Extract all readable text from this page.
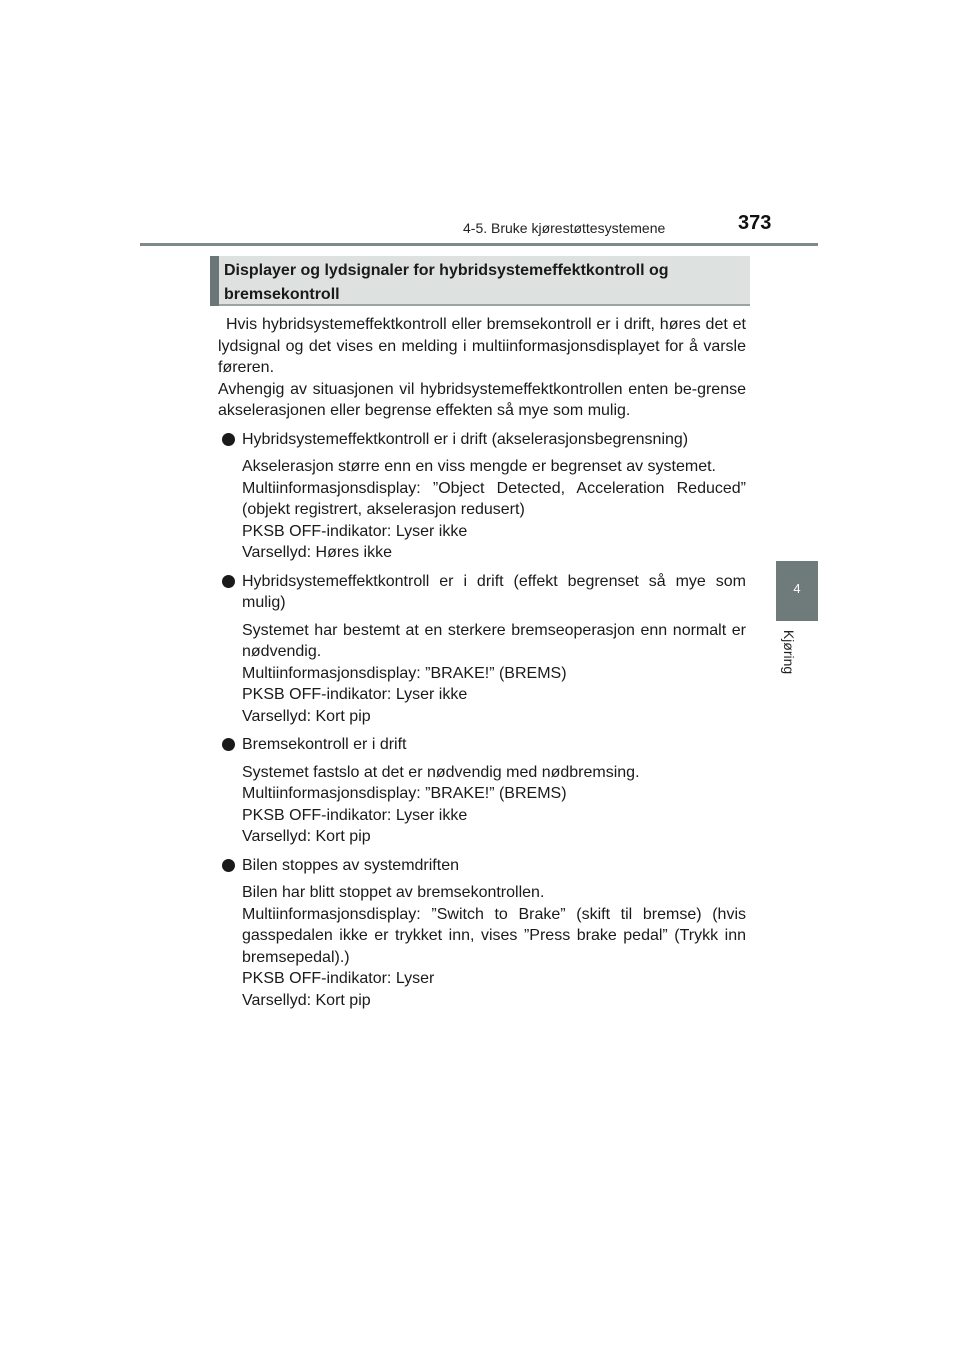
4-5. Bruke kjørestøttesystemene	373
4
Kjøring
Displayer og lydsignaler for hybridsystemeffektkontroll og bremsekontroll

Hvis hybridsystemeffektkontroll eller bremsekontroll er i drift, høres det et lydsignal og det vises en melding i multiinformasjonsdisplayet for å varsle føreren.

Avhengig av situasjonen vil hybridsystemeffektkontrollen enten be-grense akselerasjonen eller begrense effekten så mye som mulig.

Hybridsystemeffektkontroll er i drift (akselerasjonsbegrensning)
Akselerasjon større enn en viss mengde er begrenset av systemet.
Multiinformasjonsdisplay: ”Object Detected, Acceleration Reduced” (objekt registrert, akselerasjon redusert)
PKSB OFF-indikator: Lyser ikke
Varsellyd: Høres ikke
Hybridsystemeffektkontroll er i drift (effekt begrenset så mye som mulig)
Systemet har bestemt at en sterkere bremseoperasjon enn normalt er nødvendig.
Multiinformasjonsdisplay: ”BRAKE!” (BREMS)
PKSB OFF-indikator: Lyser ikke
Varsellyd: Kort pip
Bremsekontroll er i drift
Systemet fastslo at det er nødvendig med nødbremsing.
Multiinformasjonsdisplay: ”BRAKE!” (BREMS)
PKSB OFF-indikator: Lyser ikke
Varsellyd: Kort pip
Bilen stoppes av systemdriften
Bilen har blitt stoppet av bremsekontrollen.
Multiinformasjonsdisplay: ”Switch to Brake” (skift til bremse) (hvis gasspedalen ikke er trykket inn, vises ”Press brake pedal” (Trykk inn bremsepedal).)
PKSB OFF-indikator: Lyser
Varsellyd: Kort pip
